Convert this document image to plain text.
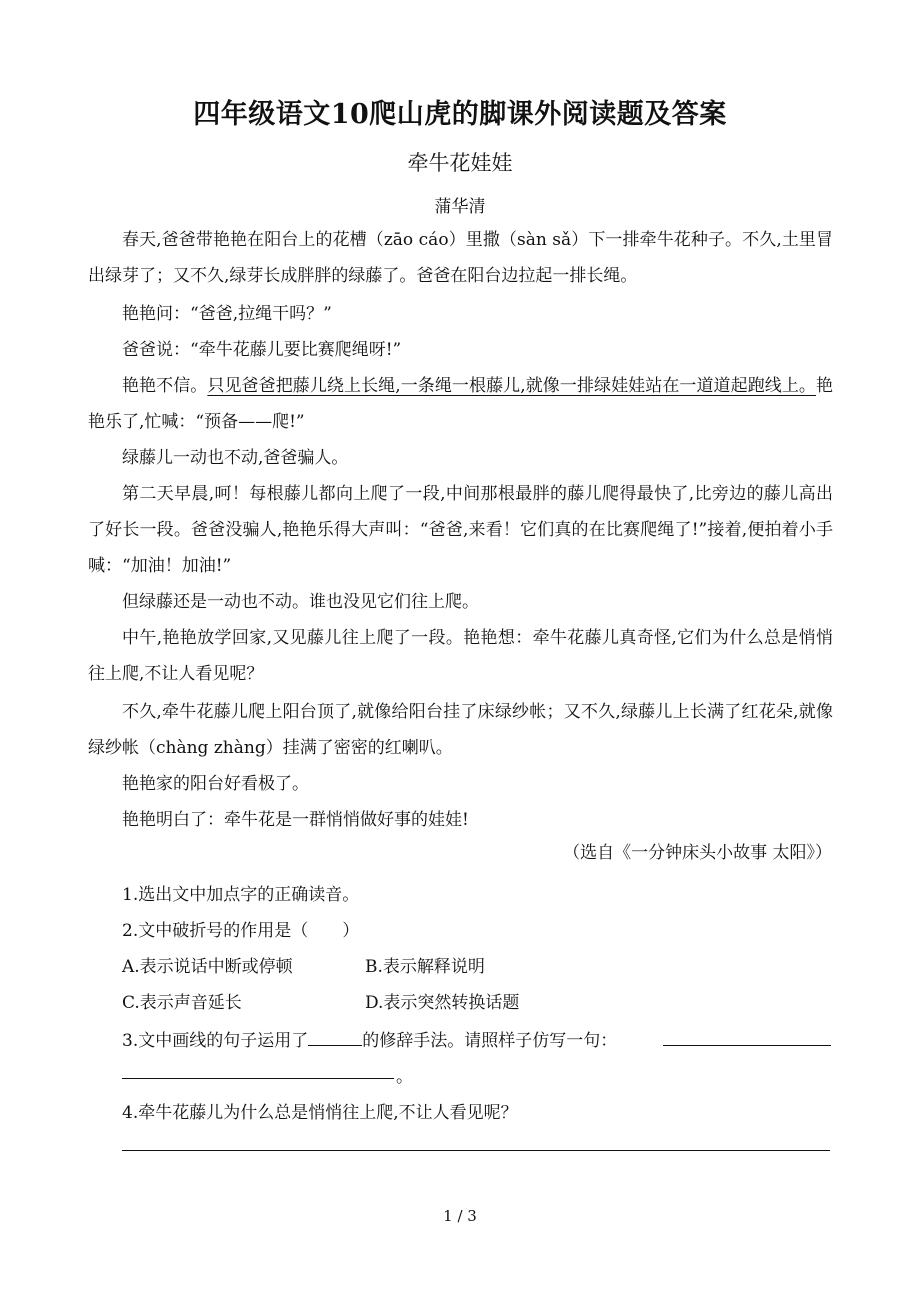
四年级语文10爬山虎的脚课外阅读题及答案
牵牛花娃娃
蒲华清

春天,爸爸带艳艳在阳台上的花槽（zāo cáo）里撒（sàn sǎ）下一排牵牛花种子。不久,土里冒出绿芽了；又不久,绿芽长成胖胖的绿藤了。爸爸在阳台边拉起一排长绳。

艳艳问：“爸爸,拉绳干吗？”

爸爸说：“牵牛花藤儿要比赛爬绳呀!”

艳艳不信。只见爸爸把藤儿绕上长绳,一条绳一根藤儿,就像一排绿娃娃站在一道道起跑线上。艳艳乐了,忙喊：“预备——爬!”

绿藤儿一动也不动,爸爸骗人。

第二天早晨,呵！每根藤儿都向上爬了一段,中间那根最胖的藤儿爬得最快了,比旁边的藤儿高出了好长一段。爸爸没骗人,艳艳乐得大声叫：“爸爸,来看！它们真的在比赛爬绳了!”接着,便拍着小手喊：“加油！加油!”

但绿藤还是一动也不动。谁也没见它们往上爬。

中午,艳艳放学回家,又见藤儿往上爬了一段。艳艳想：牵牛花藤儿真奇怪,它们为什么总是悄悄往上爬,不让人看见呢？

不久,牵牛花藤儿爬上阳台顶了,就像给阳台挂了床绿纱帐；又不久,绿藤儿上长满了红花朵,就像绿纱帐（chàng zhàng）挂满了密密的红喇叭。

艳艳家的阳台好看极了。

艳艳明白了：牵牛花是一群悄悄做好事的娃娃!

（选自《一分钟床头小故事 太阳》）
1.选出文中加点字的正确读音。
2.文中破折号的作用是（　　）
A.表示说话中断或停顿	B.表示解释说明
C.表示声音延长	D.表示突然转换话题
3.文中画线的句子运用了	的修辞手法。请照样子仿写一句：
。
4.牵牛花藤儿为什么总是悄悄往上爬,不让人看见呢？
1 / 3
